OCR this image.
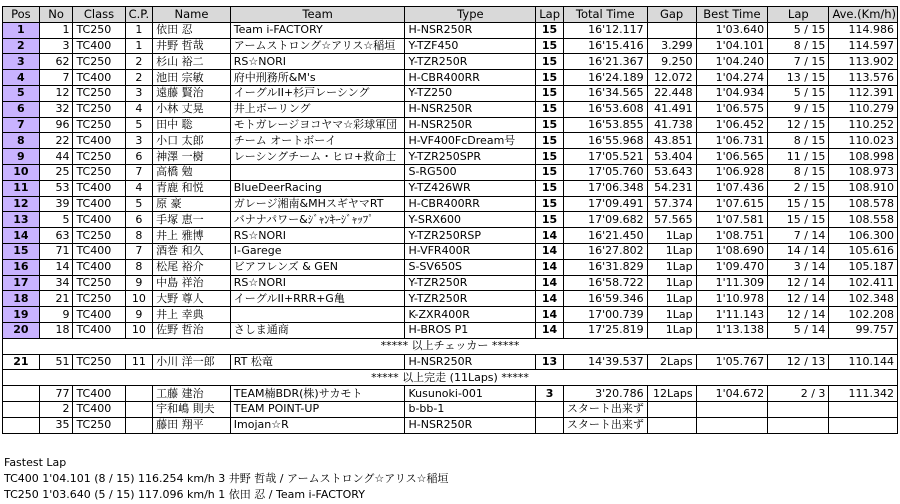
Pos	No	Class	C.P.	Name	Team	Type	Lap	Total Time	Gap	Best Time	Lap	Ave.(Km/h)
1	1	TC250	1	依田 忍	Team i-FACTORY	H-NSR250R	15	16'12.117		1'03.640	5 / 15	114.986
2	3	TC400	1	井野 哲哉	アームストロング☆アリス☆稲垣	Y-TZF450	15	16'15.416	3.299	1'04.101	8 / 15	114.597
3	62	TC250	2	杉山 裕二	RS☆NORI	Y-TZR250R	15	16'21.367	9.250	1'04.240	7 / 15	113.902
4	7	TC400	2	池田 宗敏	府中刑務所&M's	H-CBR400RR	15	16'24.189	12.072	1'04.274	13 / 15	113.576
5	12	TC250	3	遠藤 賢治	イーグルII+杉戸レーシング	Y-TZ250	15	16'34.565	22.448	1'04.934	5 / 15	112.391
6	32	TC250	4	小林 丈晃	井上ボーリング	H-NSR250R	15	16'53.608	41.491	1'06.575	9 / 15	110.279
7	96	TC250	5	田中 聡	モトガレージヨコヤマ☆彩球軍団	H-NSR250R	15	16'53.855	41.738	1'06.452	12 / 15	110.252
8	22	TC400	3	小口 太郎	チーム オートボーイ	H-VF400FcDream号	15	16'55.968	43.851	1'06.731	8 / 15	110.023
9	44	TC250	6	神澤 一樹	レーシングチーム・ヒロ+救命士	Y-TZR250SPR	15	17'05.521	53.404	1'06.565	11 / 15	108.998
10	25	TC250	7	高橋 勉		S-RG500	15	17'05.760	53.643	1'06.928	8 / 15	108.973
11	53	TC400	4	青鹿 和悦	BlueDeerRacing	Y-TZ426WR	15	17'06.348	54.231	1'07.436	2 / 15	108.910
12	39	TC400	5	原 豪	ガレージ湘南&MHスギヤマRT	H-CBR400RR	15	17'09.491	57.374	1'07.615	15 / 15	108.578
13	5	TC400	6	手塚 恵一	バナナパワー&ｼﾞｬﾝｷｰｼﾞｬｯﾌﾟ	Y-SRX600	15	17'09.682	57.565	1'07.581	15 / 15	108.558
14	63	TC250	8	井上 雅博	RS☆NORI	Y-TZR250RSP	14	16'21.450	1Lap	1'08.751	7 / 14	106.300
15	71	TC400	7	酒巻 和久	I-Garege	H-VFR400R	14	16'27.802	1Lap	1'08.690	14 / 14	105.616
16	14	TC400	8	松尾 裕介	ビアフレンズ & GEN	S-SV650S	14	16'31.829	1Lap	1'09.470	3 / 14	105.187
17	34	TC250	9	中島 祥治	RS☆NORI	Y-TZR250R	14	16'58.722	1Lap	1'11.309	12 / 14	102.411
18	21	TC250	10	大野 尊人	イーグルII+RRR+G亀	Y-TZR250R	14	16'59.346	1Lap	1'10.978	12 / 14	102.348
19	9	TC400	9	井上 幸典		K-ZXR400R	14	17'00.739	1Lap	1'11.143	12 / 14	102.208
20	18	TC400	10	佐野 哲治	さしま通商	H-BROS P1	14	17'25.819	1Lap	1'13.138	5 / 14	99.757
***** 以上チェッカー *****												
21	51	TC250	11	小川 洋一郎	RT 松竜	H-NSR250R	13	14'39.537	2Laps	1'05.767	12 / 13	110.144
***** 以上完走 (11Laps) *****												
	77	TC400		工藤 建治	TEAM楠BDR(株)サカモト	Kusunoki-001	3	3'20.786	12Laps	1'04.672	2 / 3	111.342
	2	TC400		宇和嶋 則夫	TEAM POINT-UP	b-bb-1		スタート出来ず				
	35	TC250		藤田 翔平	Imojan☆R	H-NSR250R		スタート出来ず				
Fastest Lap
TC400 1'04.101 (8 / 15) 116.254 km/h 3 井野 哲哉 / アームストロング☆アリス☆稲垣
TC250 1'03.640 (5 / 15) 117.096 km/h 1 依田 忍 / Team i-FACTORY
